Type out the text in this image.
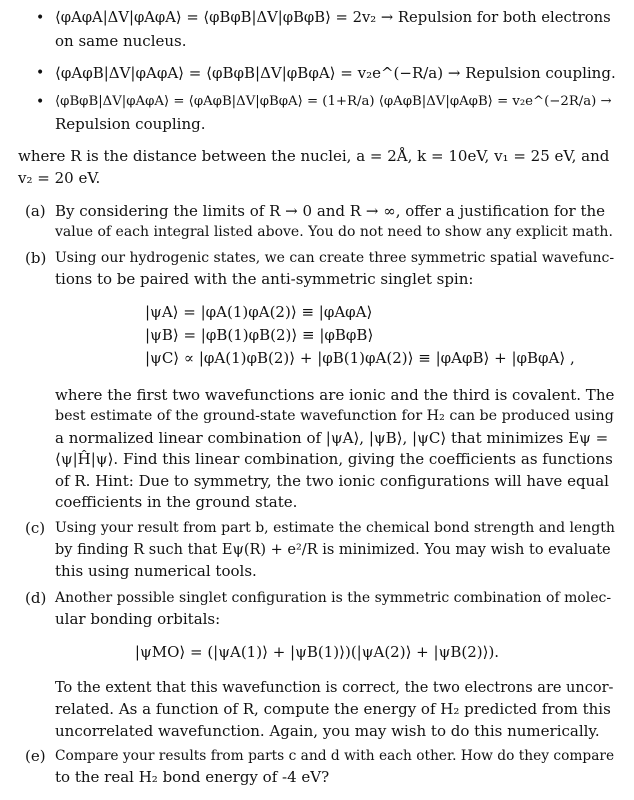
• ⟨φAφA|ΔV|φAφA⟩ = ⟨φBφB|ΔV|φBφB⟩ = 2v₂ → Repulsion for both electrons
on same nucleus.
• ⟨φAφB|ΔV|φAφA⟩ = ⟨φBφB|ΔV|φBφA⟩ = v₂e^(−R/a) → Repulsion coupling.
• ⟨φBφB|ΔV|φAφA⟩ = ⟨φAφB|ΔV|φBφA⟩ = (1+R/a) ⟨φAφB|ΔV|φAφB⟩ = v₂e^(−2R/a) →
Repulsion coupling.
where R is the distance between the nuclei, a = 2Å, k = 10eV, v₁ = 25 eV, and
v₂ = 20 eV.
(a) By considering the limits of R → 0 and R → ∞, offer a justification for the
value of each integral listed above. You do not need to show any explicit math.
(b) Using our hydrogenic states, we can create three symmetric spatial wavefunc-
tions to be paired with the anti-symmetric singlet spin:
|ψA⟩ = |φA(1)φA(2)⟩ ≡ |φAφA⟩
|ψB⟩ = |φB(1)φB(2)⟩ ≡ |φBφB⟩
|ψC⟩ ∝ |φA(1)φB(2)⟩ + |φB(1)φA(2)⟩ ≡ |φAφB⟩ + |φBφA⟩ ,
where the first two wavefunctions are ionic and the third is covalent. The
best estimate of the ground-state wavefunction for H₂ can be produced using
a normalized linear combination of |ψA⟩, |ψB⟩, |ψC⟩ that minimizes Eψ =
⟨ψ|Ĥ|ψ⟩. Find this linear combination, giving the coefficients as functions
of R. Hint: Due to symmetry, the two ionic configurations will have equal
coefficients in the ground state.
(c) Using your result from part b, estimate the chemical bond strength and length
by finding R such that Eψ(R) + e²/R is minimized. You may wish to evaluate
this using numerical tools.
(d) Another possible singlet configuration is the symmetric combination of molec-
ular bonding orbitals:
|ψMO⟩ = (|ψA(1)⟩ + |ψB(1)⟩)(|ψA(2)⟩ + |ψB(2)⟩).
To the extent that this wavefunction is correct, the two electrons are uncor-
related. As a function of R, compute the energy of H₂ predicted from this
uncorrelated wavefunction. Again, you may wish to do this numerically.
(e) Compare your results from parts c and d with each other. How do they compare
to the real H₂ bond energy of -4 eV?
